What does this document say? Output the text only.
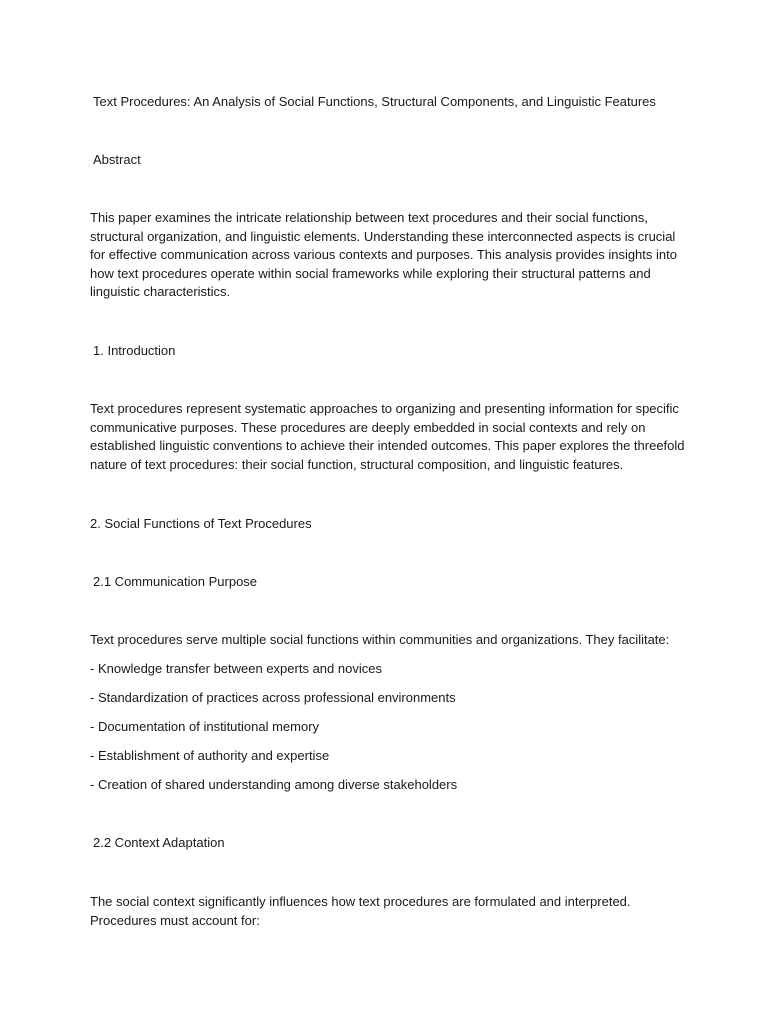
Text Procedures: An Analysis of Social Functions, Structural Components, and Linguistic Features
Abstract
This paper examines the intricate relationship between text procedures and their social functions,
structural organization, and linguistic elements. Understanding these interconnected aspects is crucial
for effective communication across various contexts and purposes. This analysis provides insights into
how text procedures operate within social frameworks while exploring their structural patterns and
linguistic characteristics.
1. Introduction
Text procedures represent systematic approaches to organizing and presenting information for specific
communicative purposes. These procedures are deeply embedded in social contexts and rely on
established linguistic conventions to achieve their intended outcomes. This paper explores the threefold
nature of text procedures: their social function, structural composition, and linguistic features.
2. Social Functions of Text Procedures
2.1 Communication Purpose
Text procedures serve multiple social functions within communities and organizations. They facilitate:
- Knowledge transfer between experts and novices
- Standardization of practices across professional environments
- Documentation of institutional memory
- Establishment of authority and expertise
- Creation of shared understanding among diverse stakeholders
2.2 Context Adaptation
The social context significantly influences how text procedures are formulated and interpreted.
Procedures must account for:
